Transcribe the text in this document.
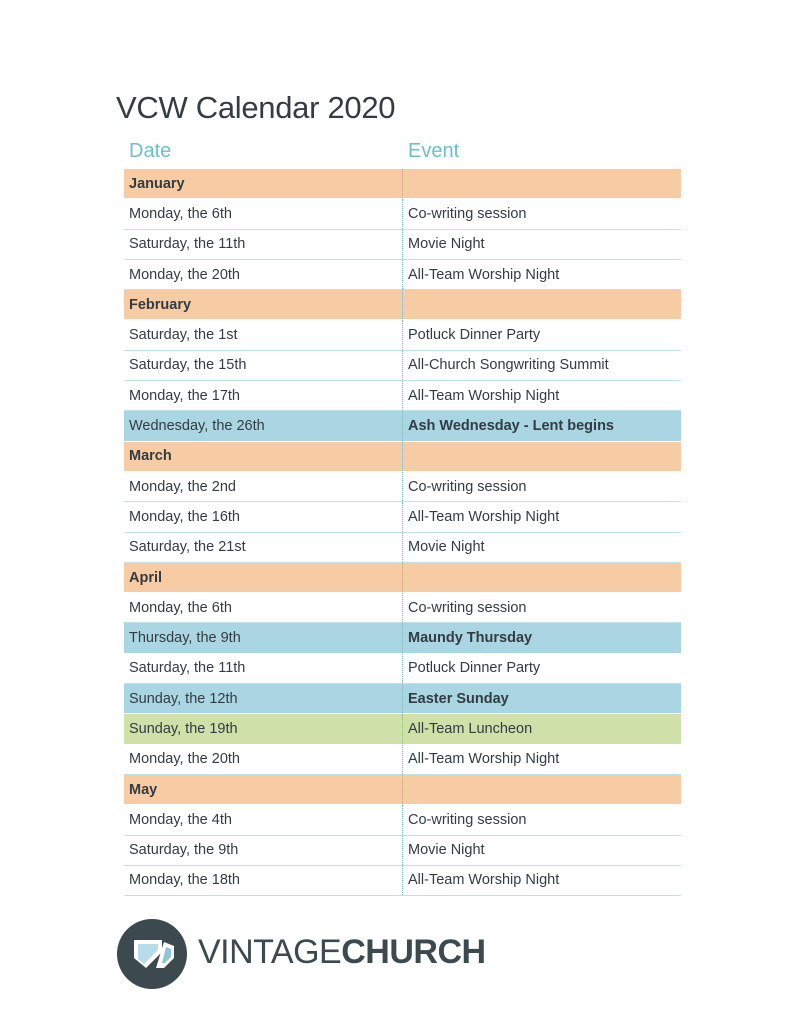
VCW Calendar 2020
Date	Event
January
Monday, the 6th	Co-writing session
Saturday, the 11th	Movie Night
Monday, the 20th	All-Team Worship Night
February
Saturday, the 1st	Potluck Dinner Party
Saturday, the 15th	All-Church Songwriting Summit
Monday, the 17th	All-Team Worship Night
Wednesday, the 26th	Ash Wednesday - Lent begins
March
Monday, the 2nd	Co-writing session
Monday, the 16th	All-Team Worship Night
Saturday, the 21st	Movie Night
April
Monday, the 6th	Co-writing session
Thursday, the 9th	Maundy Thursday
Saturday, the 11th	Potluck Dinner Party
Sunday, the 12th	Easter Sunday
Sunday, the 19th	All-Team Luncheon
Monday, the 20th	All-Team Worship Night
May
Monday, the 4th	Co-writing session
Saturday, the 9th	Movie Night
Monday, the 18th	All-Team Worship Night
VINTAGECHURCH
